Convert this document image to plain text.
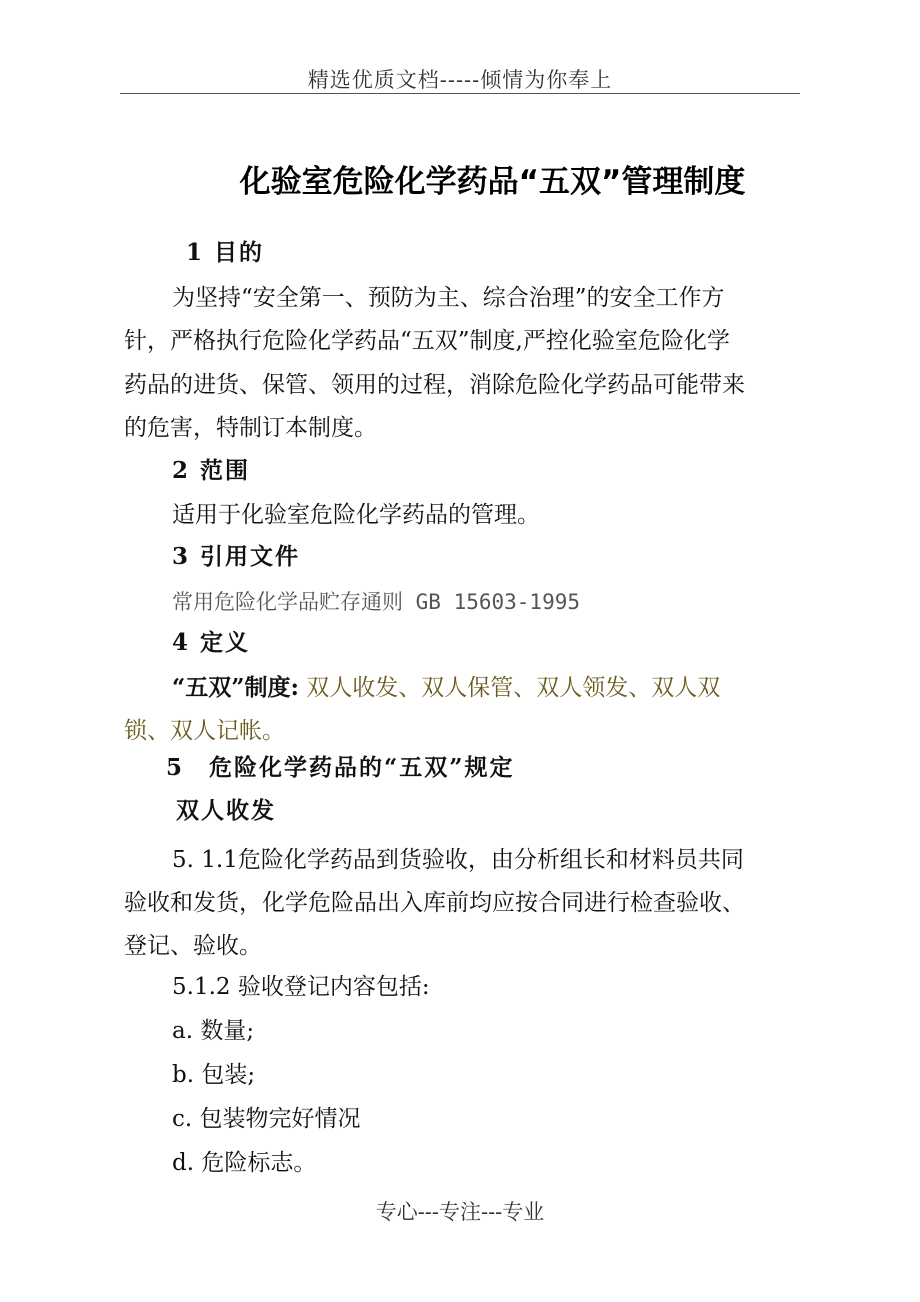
精选优质文档-----倾情为你奉上
化验室危险化学药品“五双”管理制度
1 目的
为坚持“安全第一、预防为主、综合治理”的安全工作方
针，严格执行危险化学药品“五双”制度,严控化验室危险化学
药品的进货、保管、领用的过程，消除危险化学药品可能带来
的危害，特制订本制度。
2 范围
适用于化验室危险化学药品的管理。
3 引用文件
常用危险化学品贮存通则 GB 15603-1995
4 定义
“五双”制度: 双人收发、双人保管、双人领发、双人双
锁、双人记帐。
5　危险化学药品的“五双”规定
双人收发
5. 1.1危险化学药品到货验收，由分析组长和材料员共同
验收和发货，化学危险品出入库前均应按合同进行检查验收、
登记、验收。
5.1.2 验收登记内容包括:
a. 数量;
b. 包装;
c. 包装物完好情况
d. 危险标志。
专心---专注---专业
